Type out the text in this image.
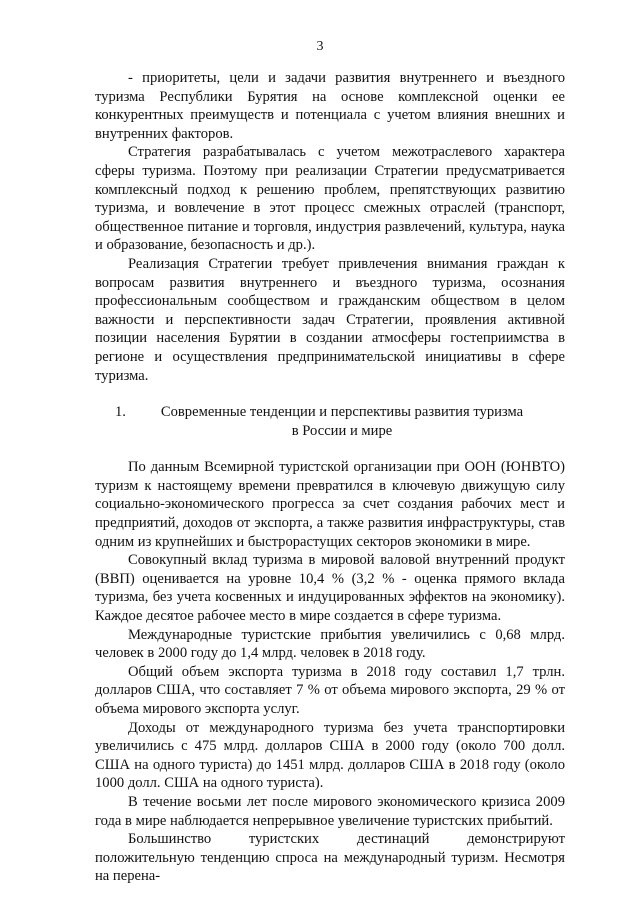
3

- приоритеты, цели и задачи развития внутреннего и въездного туризма Республики Бурятия на основе комплексной оценки ее конкурентных преимуществ и потенциала с учетом влияния внешних и внутренних факторов.

Стратегия разрабатывалась с учетом межотраслевого характера сферы туризма. Поэтому при реализации Стратегии предусматривается комплексный подход к решению проблем, препятствующих развитию туризма, и вовлечение в этот процесс смежных отраслей (транспорт, общественное питание и торговля, индустрия развлечений, культура, наука и образование, безопасность и др.).

Реализация Стратегии требует привлечения внимания граждан к вопросам развития внутреннего и въездного туризма, осознания профессиональным сообществом и гражданским обществом в целом важности и перспективности задач Стратегии, проявления активной позиции населения Бурятии в создании атмосферы гостеприимства в регионе и осуществления предпринимательской инициативы в сфере туризма.

1.	Современные тенденции и перспективы развития туризма
в России и мире

По данным Всемирной туристской организации при ООН (ЮНВТО) туризм к настоящему времени превратился в ключевую движущую силу социально-экономического прогресса за счет создания рабочих мест и предприятий, доходов от экспорта, а также развития инфраструктуры, став одним из крупнейших и быстрорастущих секторов экономики в мире.

Совокупный вклад туризма в мировой валовой внутренний продукт (ВВП) оценивается на уровне 10,4 % (3,2 % - оценка прямого вклада туризма, без учета косвенных и индуцированных эффектов на экономику). Каждое десятое рабочее место в мире создается в сфере туризма.

Международные туристские прибытия увеличились с 0,68 млрд. человек в 2000 году до 1,4 млрд. человек в 2018 году.

Общий объем экспорта туризма в 2018 году составил 1,7 трлн. долларов США, что составляет 7 % от объема мирового экспорта, 29 % от объема мирового экспорта услуг.

Доходы от международного туризма без учета транспортировки увеличились с 475 млрд. долларов США в 2000 году (около 700 долл. США на одного туриста) до 1451 млрд. долларов США в 2018 году (около 1000 долл. США на одного туриста).

В течение восьми лет после мирового экономического кризиса 2009 года в мире наблюдается непрерывное увеличение туристских прибытий.

Большинство туристских дестинаций демонстрируют положительную тенденцию спроса на международный туризм. Несмотря на перена-
